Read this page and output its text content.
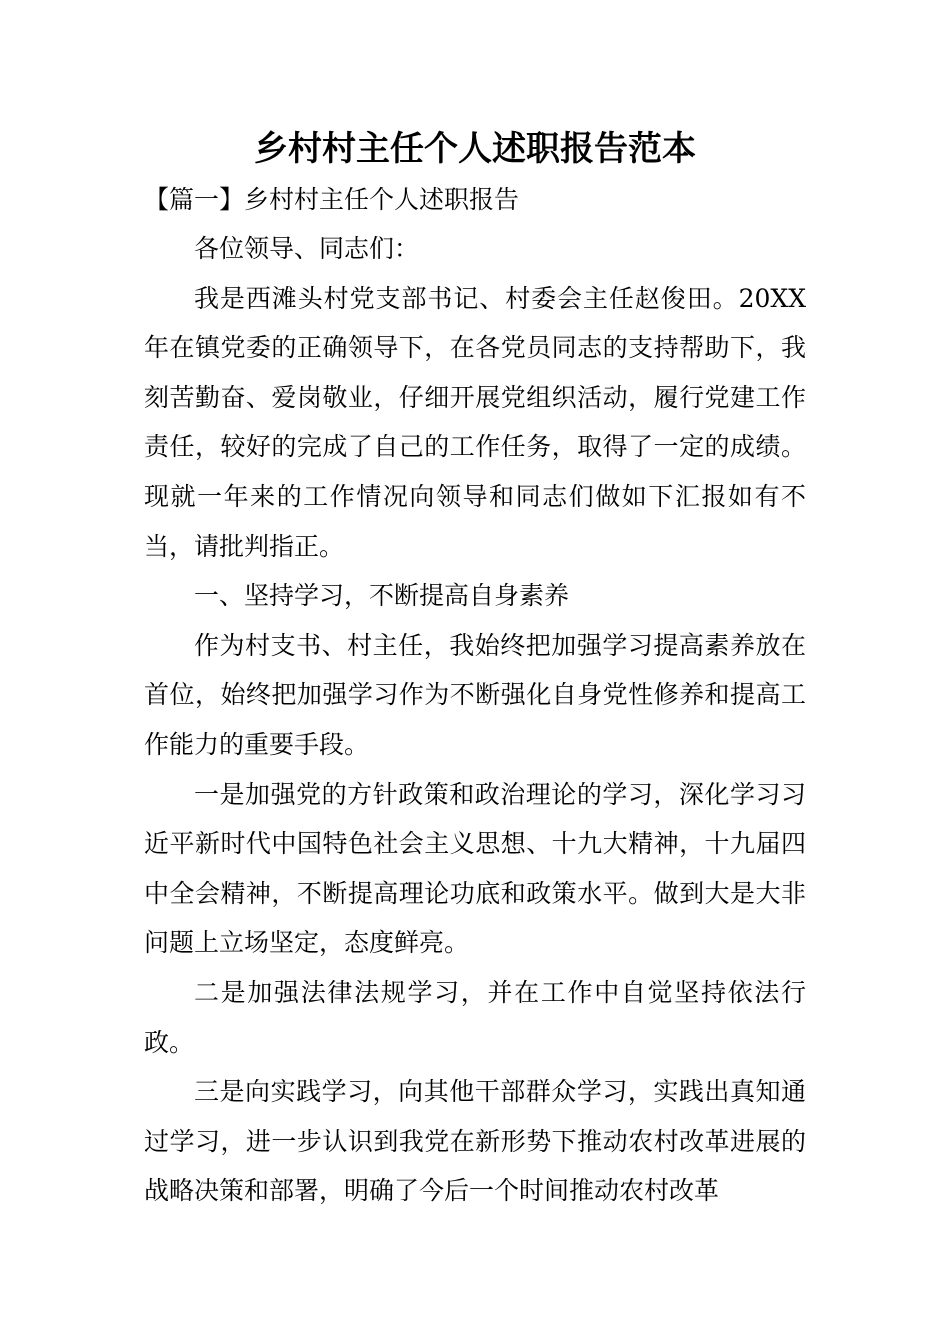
乡村村主任个人述职报告范本
【篇一】乡村村主任个人述职报告

各位领导、同志们：

我是西滩头村党支部书记、村委会主任赵俊田。20XX年在镇党委的正确领导下，在各党员同志的支持帮助下，我刻苦勤奋、爱岗敬业，仔细开展党组织活动，履行党建工作责任，较好的完成了自己的工作任务，取得了一定的成绩。现就一年来的工作情况向领导和同志们做如下汇报如有不当，请批判指正。

一、坚持学习，不断提高自身素养

作为村支书、村主任，我始终把加强学习提高素养放在首位，始终把加强学习作为不断强化自身党性修养和提高工作能力的重要手段。

一是加强党的方针政策和政治理论的学习，深化学习习近平新时代中国特色社会主义思想、十九大精神，十九届四中全会精神，不断提高理论功底和政策水平。做到大是大非问题上立场坚定，态度鲜亮。

二是加强法律法规学习，并在工作中自觉坚持依法行政。

三是向实践学习，向其他干部群众学习，实践出真知通过学习，进一步认识到我党在新形势下推动农村改革进展的战略决策和部署，明确了今后一个时间推动农村改革
